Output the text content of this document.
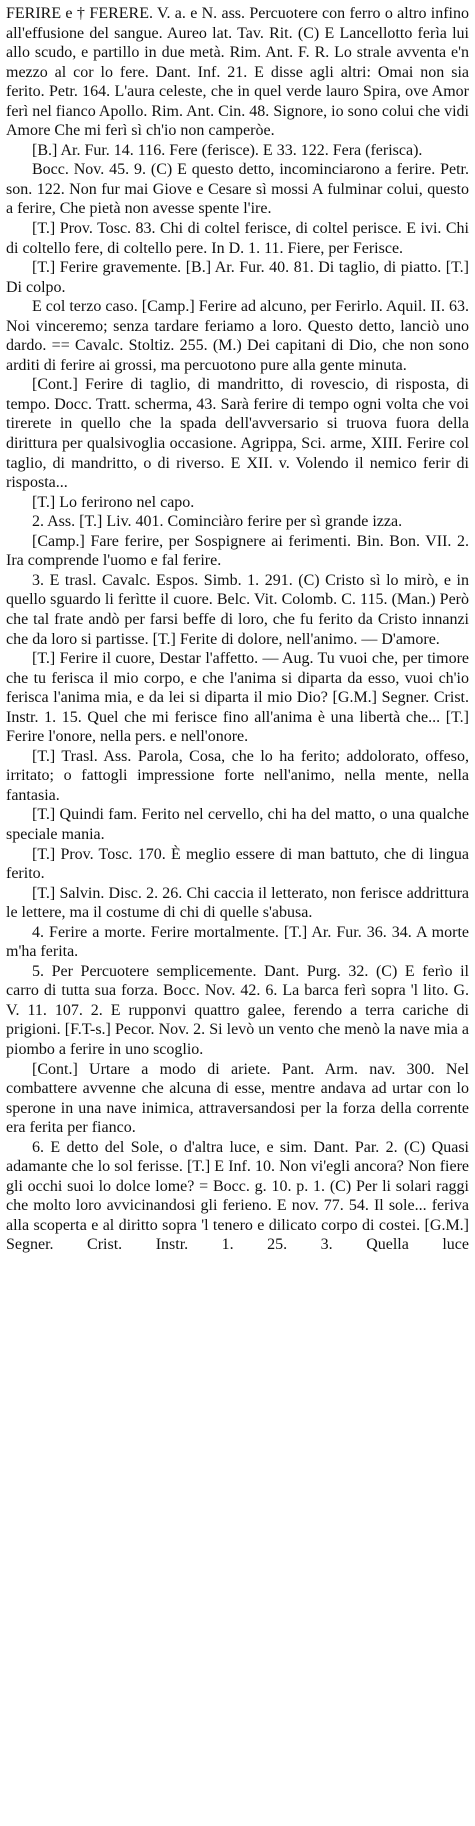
FERIRE e † FERERE. V. a. e N. ass. Percuotere con ferro o altro infino all'effusione del sangue. Aureo lat. Tav. Rit. (C) E Lancellotto ferìa lui allo scudo, e partillo in due metà. Rim. Ant. F. R. Lo strale avventa e'n mezzo al cor lo fere. Dant. Inf. 21. E disse agli altri: Omai non sia ferito. Petr. 164. L'aura celeste, che in quel verde lauro Spira, ove Amor ferì nel fianco Apollo. Rim. Ant. Cin. 48. Signore, io sono colui che vidi Amore Che mi ferì sì ch'io non camperòe.

[B.] Ar. Fur. 14. 116. Fere (ferisce). E 33. 122. Fera (ferisca).

Bocc. Nov. 45. 9. (C) E questo detto, incominciarono a ferire. Petr. son. 122. Non fur mai Giove e Cesare sì mossi A fulminar colui, questo a ferire, Che pietà non avesse spente l'ire.

[T.] Prov. Tosc. 83. Chi di coltel ferisce, di coltel perisce. E ivi. Chi di coltello fere, di coltello pere. In D. 1. 11. Fiere, per Ferisce.

[T.] Ferire gravemente. [B.] Ar. Fur. 40. 81. Di taglio, di piatto. [T.] Di colpo.

E col terzo caso. [Camp.] Ferire ad alcuno, per Ferirlo. Aquil. II. 63. Noi vinceremo; senza tardare feriamo a loro. Questo detto, lanciò uno dardo. == Cavalc. Stoltiz. 255. (M.) Dei capitani di Dio, che non sono arditi di ferire ai grossi, ma percuotono pure alla gente minuta.

[Cont.] Ferire di taglio, di mandritto, di rovescio, di risposta, di tempo. Docc. Tratt. scherma, 43. Sarà ferire di tempo ogni volta che voi tirerete in quello che la spada dell'avversario si truova fuora della dirittura per qualsivoglia occasione. Agrippa, Sci. arme, XIII. Ferire col taglio, di mandritto, o di riverso. E XII. v. Volendo il nemico ferir di risposta...

[T.] Lo ferirono nel capo.

2. Ass. [T.] Liv. 401. Cominciàro ferire per sì grande izza.

[Camp.] Fare ferire, per Sospignere ai ferimenti. Bin. Bon. VII. 2. Ira comprende l'uomo e fal ferire.

3. E trasl. Cavalc. Espos. Simb. 1. 291. (C) Cristo sì lo mirò, e in quello sguardo li ferìtte il cuore. Belc. Vit. Colomb. C. 115. (Man.) Però che tal frate andò per farsi beffe di loro, che fu ferito da Cristo innanzi che da loro si partisse. [T.] Ferite di dolore, nell'animo. — D'amore.

[T.] Ferire il cuore, Destar l'affetto. — Aug. Tu vuoi che, per timore che tu ferisca il mio corpo, e che l'anima si diparta da esso, vuoi ch'io ferisca l'anima mia, e da lei si diparta il mio Dio? [G.M.] Segner. Crist. Instr. 1. 15. Quel che mi ferisce fino all'anima è una libertà che... [T.] Ferire l'onore, nella pers. e nell'onore.

[T.] Trasl. Ass. Parola, Cosa, che lo ha ferito; addolorato, offeso, irritato; o fattogli impressione forte nell'animo, nella mente, nella fantasia.

[T.] Quindi fam. Ferito nel cervello, chi ha del matto, o una qualche speciale mania.

[T.] Prov. Tosc. 170. È meglio essere di man battuto, che di lingua ferito.

[T.] Salvin. Disc. 2. 26. Chi caccia il letterato, non ferisce addrittura le lettere, ma il costume di chi di quelle s'abusa.

4. Ferire a morte. Ferire mortalmente. [T.] Ar. Fur. 36. 34. A morte m'ha ferita.

5. Per Percuotere semplicemente. Dant. Purg. 32. (C) E ferìo il carro di tutta sua forza. Bocc. Nov. 42. 6. La barca ferì sopra 'l lito. G. V. 11. 107. 2. E rupponvi quattro galee, ferendo a terra cariche di prigioni. [F.T-s.] Pecor. Nov. 2. Si levò un vento che menò la nave mia a piombo a ferire in uno scoglio.

[Cont.] Urtare a modo di ariete. Pant. Arm. nav. 300. Nel combattere avvenne che alcuna di esse, mentre andava ad urtar con lo sperone in una nave inimica, attraversandosi per la forza della corrente era ferita per fianco.

6. E detto del Sole, o d'altra luce, e sim. Dant. Par. 2. (C) Quasi adamante che lo sol ferisse. [T.] E Inf. 10. Non vi'egli ancora? Non fiere gli occhi suoi lo dolce lome? = Bocc. g. 10. p. 1. (C) Per li solari raggi che molto loro avvicinandosi gli ferieno. E nov. 77. 54. Il sole... feriva alla scoperta e al diritto sopra 'l tenero e dilicato corpo di costei. [G.M.] Segner. Crist. Instr. 1. 25. 3. Quella luce
